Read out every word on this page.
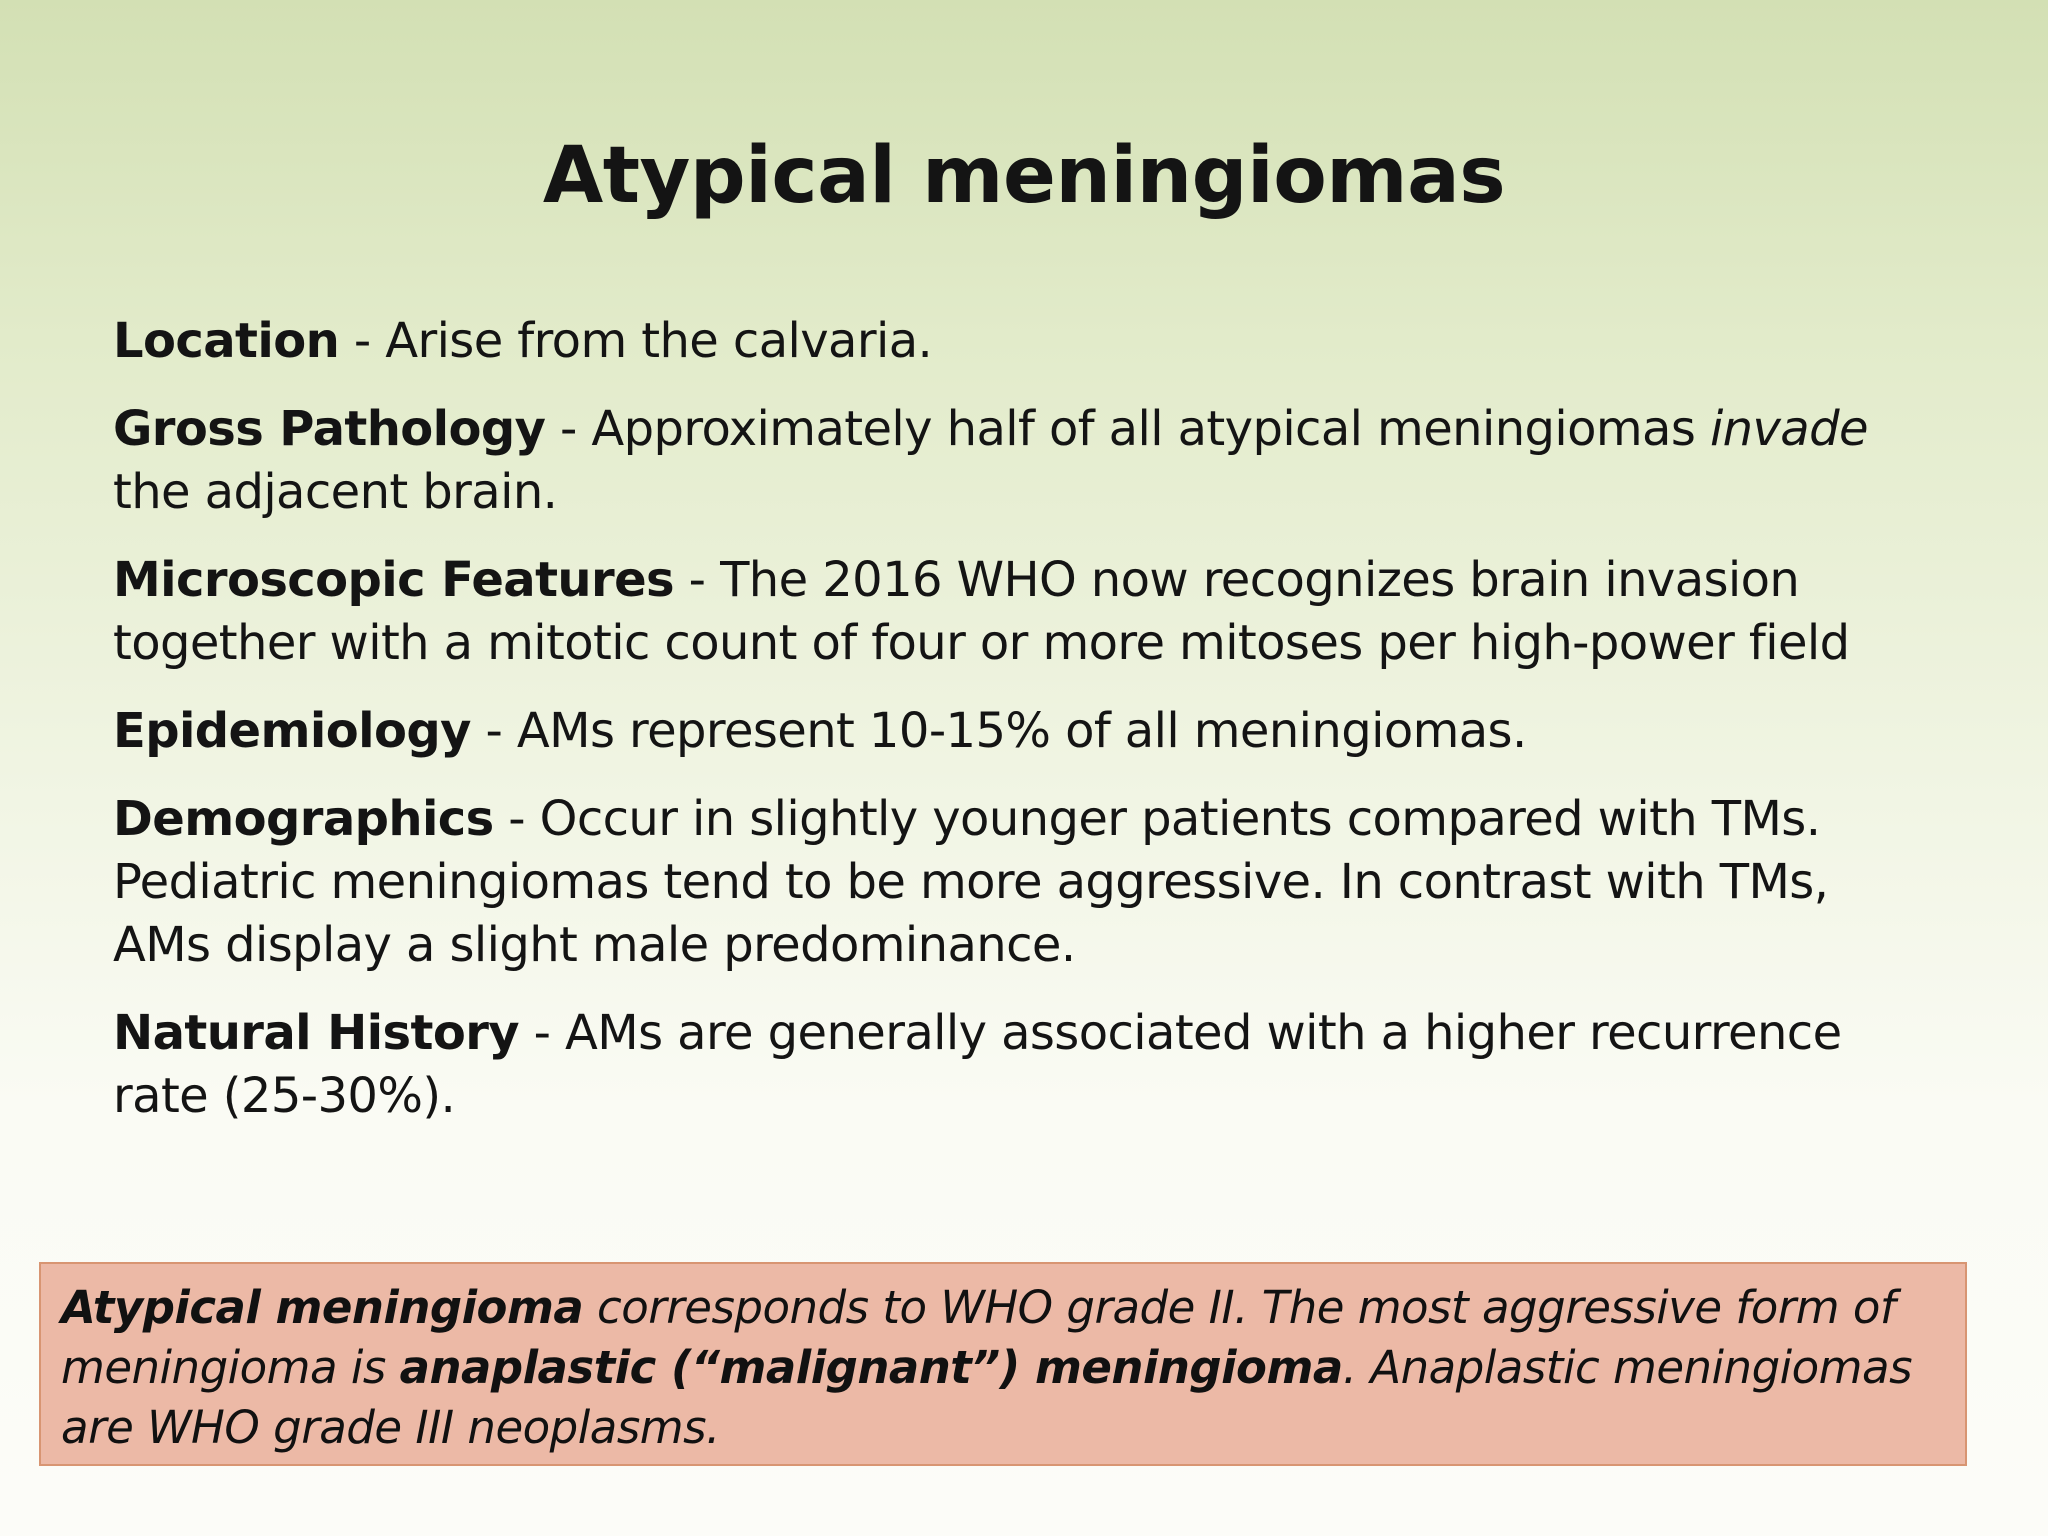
Atypical meningiomas

Location - Arise from the calvaria.

Gross Pathology - Approximately half of all atypical meningiomas invade the adjacent brain.

Microscopic Features - The 2016 WHO now recognizes brain invasion together with a mitotic count of four or more mitoses per high-power field

Epidemiology - AMs represent 10-15% of all meningiomas.

Demographics - Occur in slightly younger patients compared with TMs. Pediatric meningiomas tend to be more aggressive. In contrast with TMs, AMs display a slight male predominance.

Natural History - AMs are generally associated with a higher recurrence rate (25-30%).

Atypical meningioma corresponds to WHO grade II. The most aggressive form of meningioma is anaplastic (“malignant”) meningioma. Anaplastic meningiomas are WHO grade III neoplasms.
